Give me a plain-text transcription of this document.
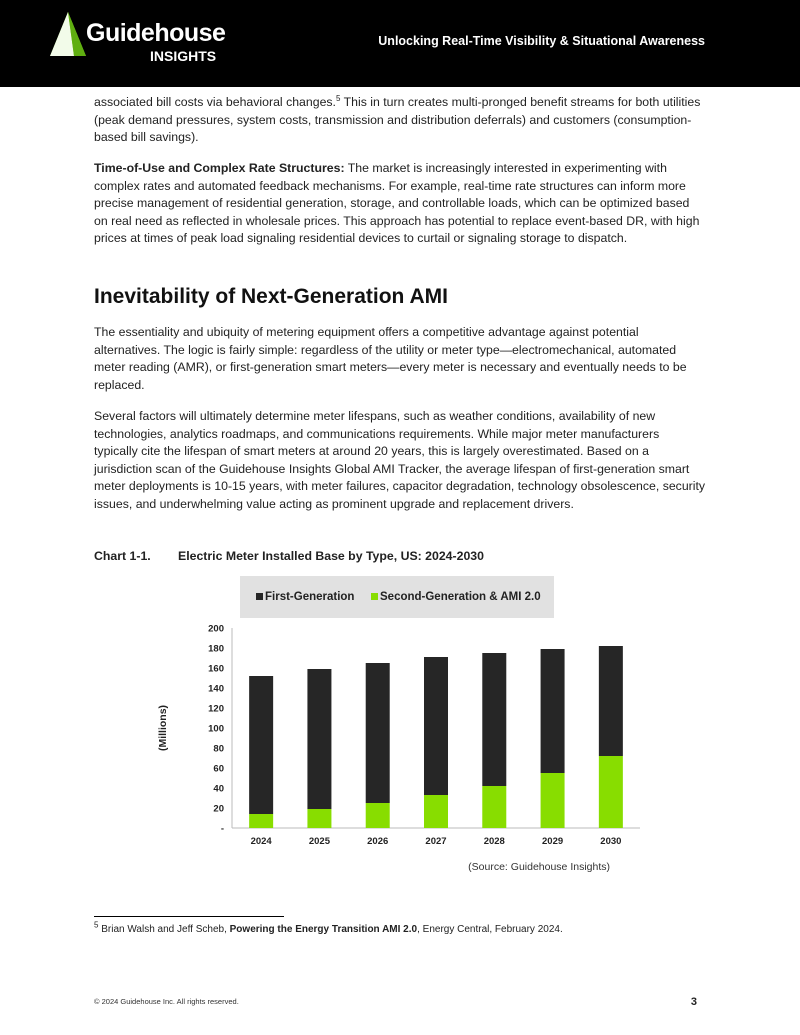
Guidehouse
INSIGHTS
Unlocking Real-Time Visibility & Situational Awareness

associated bill costs via behavioral changes.$^5$ This in turn creates multi-pronged benefit streams for both utilities (peak demand pressures, system costs, transmission and distribution deferrals) and customers (consumption-based bill savings).

Time-of-Use and Complex Rate Structures: The market is increasingly interested in experimenting with complex rates and automated feedback mechanisms. For example, real-time rate structures can inform more precise management of residential generation, storage, and controllable loads, which can be optimized based on real need as reflected in wholesale prices. This approach has potential to replace event-based DR, with high prices at times of peak load signaling residential devices to curtail or signaling storage to dispatch.

Inevitability of Next-Generation AMI

The essentiality and ubiquity of metering equipment offers a competitive advantage against potential alternatives. The logic is fairly simple: regardless of the utility or meter type—electromechanical, automated meter reading (AMR), or first-generation smart meters—every meter is necessary and eventually needs to be replaced.

Several factors will ultimately determine meter lifespans, such as weather conditions, availability of new technologies, analytics roadmaps, and communications requirements. While major meter manufacturers typically cite the lifespan of smart meters at around 20 years, this is largely overestimated. Based on a jurisdiction scan of the Guidehouse Insights Global AMI Tracker, the average lifespan of first-generation smart meter deployments is 10-15 years, with meter failures, capacitor degradation, technology obsolescence, security issues, and underwhelming value acting as prominent upgrade and replacement drivers.

Chart 1-1. Electric Meter Installed Base by Type, US: 2024-2030
First-Generation Second-Generation & AMI 2.0
-
20
40
60
80
100
120
140
160
180
200
(Millions)
2024	2025	2026	2027	2028	2029	2030
(Source: Guidehouse Insights)
$^5$ Brian Walsh and Jeff Scheb, Powering the Energy Transition AMI 2.0, Energy Central, February 2024.
© 2024 Guidehouse Inc. All rights reserved.	3
